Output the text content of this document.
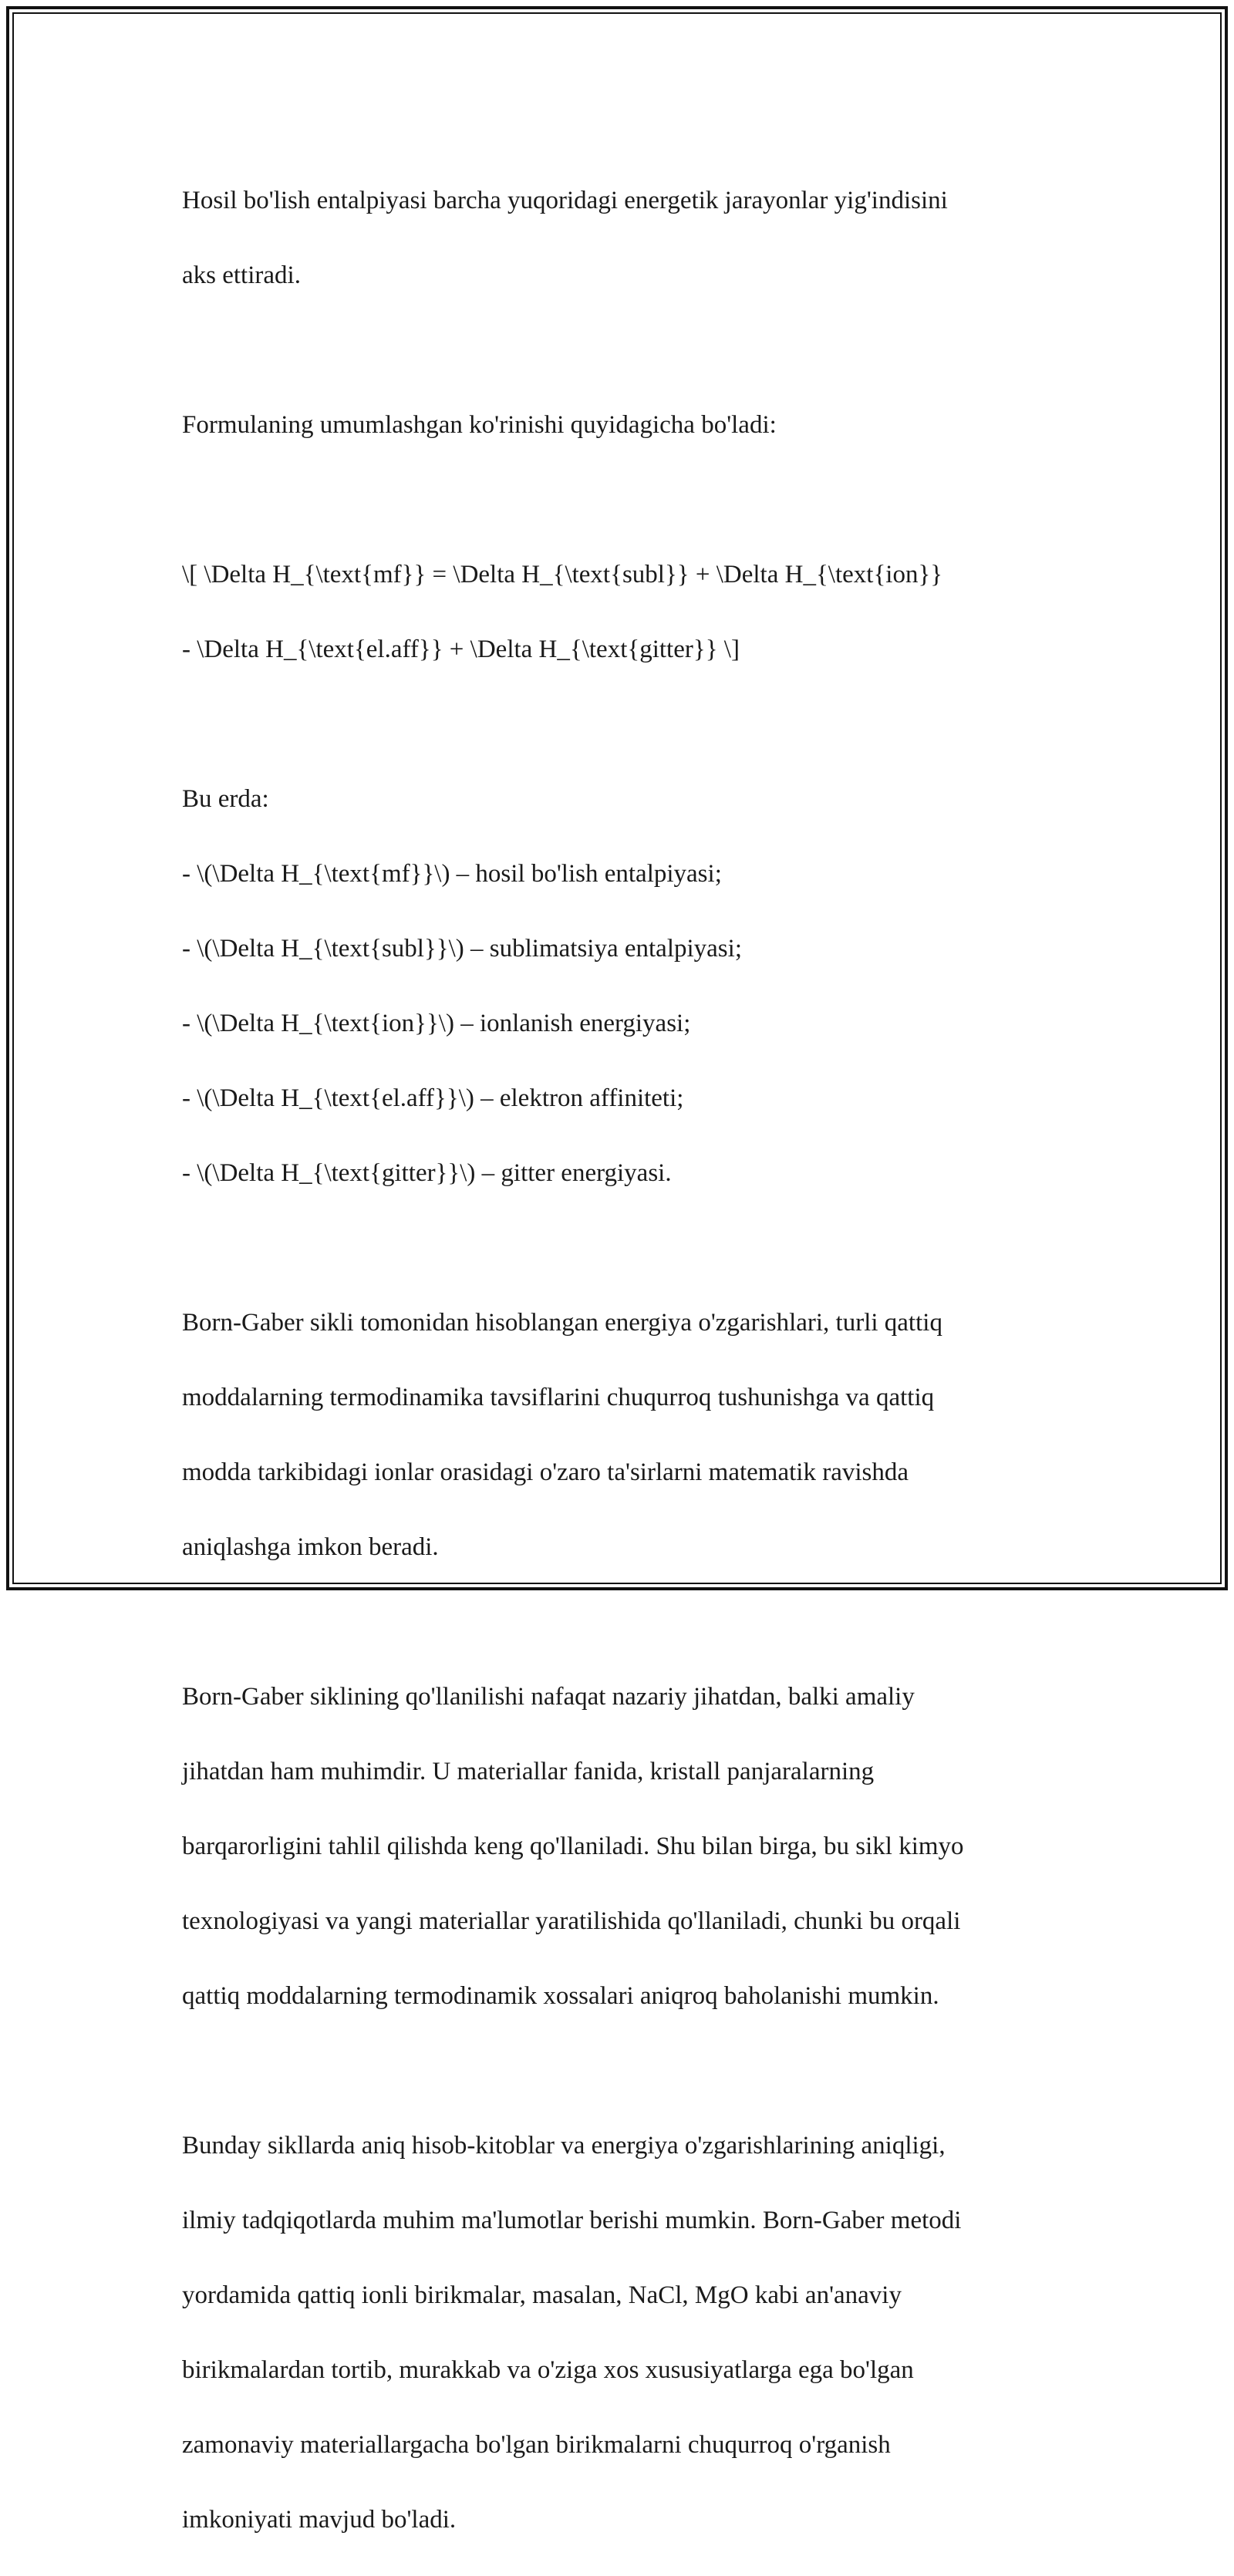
Hosil bo'lish entalpiyasi barcha yuqoridagi energetik jarayonlar yig'indisini

aks ettiradi.

Formulaning umumlashgan ko'rinishi quyidagicha bo'ladi:

\[ \Delta H_{\text{mf}} = \Delta H_{\text{subl}} + \Delta H_{\text{ion}}

- \Delta H_{\text{el.aff}} + \Delta H_{\text{gitter}} \]

Bu erda:

- \(\Delta H_{\text{mf}}\) – hosil bo'lish entalpiyasi;

- \(\Delta H_{\text{subl}}\) – sublimatsiya entalpiyasi;

- \(\Delta H_{\text{ion}}\) – ionlanish energiyasi;

- \(\Delta H_{\text{el.aff}}\) – elektron affiniteti;

- \(\Delta H_{\text{gitter}}\) – gitter energiyasi.

Born-Gaber sikli tomonidan hisoblangan energiya o'zgarishlari, turli qattiq

moddalarning termodinamika tavsiflarini chuqurroq tushunishga va qattiq

modda tarkibidagi ionlar orasidagi o'zaro ta'sirlarni matematik ravishda

aniqlashga imkon beradi.

Born-Gaber siklining qo'llanilishi nafaqat nazariy jihatdan, balki amaliy

jihatdan ham muhimdir. U materiallar fanida, kristall panjaralarning

barqarorligini tahlil qilishda keng qo'llaniladi. Shu bilan birga, bu sikl kimyo

texnologiyasi va yangi materiallar yaratilishida qo'llaniladi, chunki bu orqali

qattiq moddalarning termodinamik xossalari aniqroq baholanishi mumkin.

Bunday sikllarda aniq hisob-kitoblar va energiya o'zgarishlarining aniqligi,

ilmiy tadqiqotlarda muhim ma'lumotlar berishi mumkin. Born-Gaber metodi

yordamida qattiq ionli birikmalar, masalan, NaCl, MgO kabi an'anaviy

birikmalardan tortib, murakkab va o'ziga xos xususiyatlarga ega bo'lgan

zamonaviy materiallargacha bo'lgan birikmalarni chuqurroq o'rganish

imkoniyati mavjud bo'ladi.
